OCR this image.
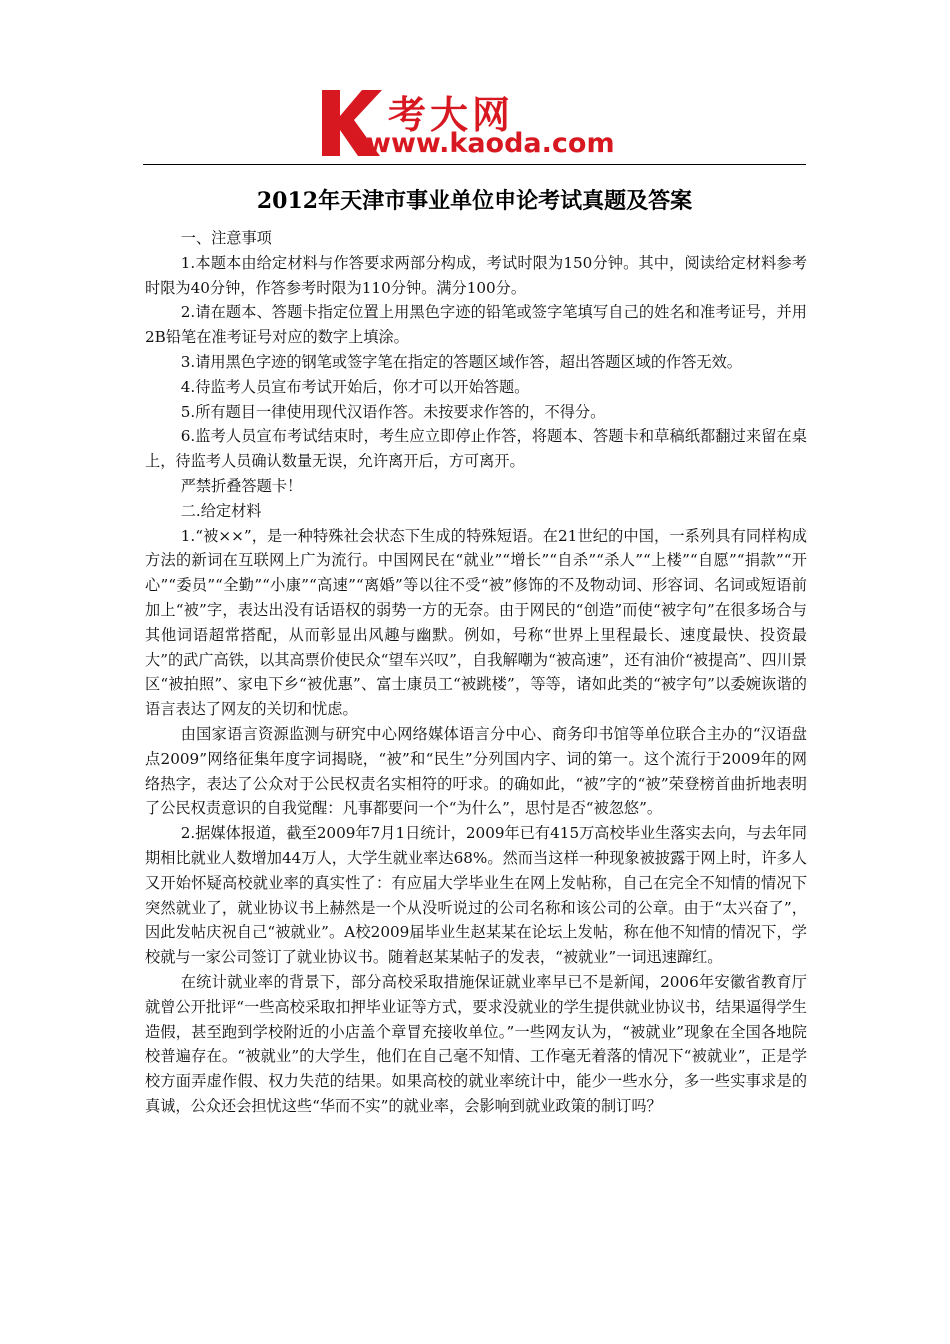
考大网
www.kaoda.com
2012年天津市事业单位申论考试真题及答案

一、注意事项

1.本题本由给定材料与作答要求两部分构成，考试时限为150分钟。其中，阅读给定材料参考时限为40分钟，作答参考时限为110分钟。满分100分。

2.请在题本、答题卡指定位置上用黑色字迹的铅笔或签字笔填写自己的姓名和准考证号，并用2B铅笔在准考证号对应的数字上填涂。

3.请用黑色字迹的钢笔或签字笔在指定的答题区域作答，超出答题区域的作答无效。

4.待监考人员宣布考试开始后，你才可以开始答题。

5.所有题目一律使用现代汉语作答。未按要求作答的，不得分。

6.监考人员宣布考试结束时，考生应立即停止作答，将题本、答题卡和草稿纸都翻过来留在桌上，待监考人员确认数量无误，允许离开后，方可离开。

严禁折叠答题卡！

二.给定材料

1.“被××”，是一种特殊社会状态下生成的特殊短语。在21世纪的中国，一系列具有同样构成方法的新词在互联网上广为流行。中国网民在“就业”“增长”“自杀”“杀人”“上楼”“自愿”“捐款”“开心”“委员”“全勤”“小康”“高速”“离婚”等以往不受“被”修饰的不及物动词、形容词、名词或短语前加上“被”字，表达出没有话语权的弱势一方的无奈。由于网民的“创造”而使“被字句”在很多场合与其他词语超常搭配，从而彰显出风趣与幽默。例如，号称“世界上里程最长、速度最快、投资最大”的武广高铁，以其高票价使民众“望车兴叹”，自我解嘲为“被高速”，还有油价“被提高”、四川景区“被拍照”、家电下乡“被优惠”、富士康员工“被跳楼”，等等，诸如此类的“被字句”以委婉诙谐的语言表达了网友的关切和忧虑。

由国家语言资源监测与研究中心网络媒体语言分中心、商务印书馆等单位联合主办的“汉语盘点2009”网络征集年度字词揭晓，“被”和“民生”分列国内字、词的第一。这个流行于2009年的网络热字，表达了公众对于公民权责名实相符的吁求。的确如此，“被”字的“被”荣登榜首曲折地表明了公民权责意识的自我觉醒：凡事都要问一个“为什么”，思忖是否“被忽悠”。

2.据媒体报道，截至2009年7月1日统计，2009年已有415万高校毕业生落实去向，与去年同期相比就业人数增加44万人，大学生就业率达68%。然而当这样一种现象被披露于网上时，许多人又开始怀疑高校就业率的真实性了：有应届大学毕业生在网上发帖称，自己在完全不知情的情况下突然就业了，就业协议书上赫然是一个从没听说过的公司名称和该公司的公章。由于“太兴奋了”，因此发帖庆祝自己“被就业”。A校2009届毕业生赵某某在论坛上发帖，称在他不知情的情况下，学校就与一家公司签订了就业协议书。随着赵某某帖子的发表，“被就业”一词迅速蹿红。

在统计就业率的背景下，部分高校采取措施保证就业率早已不是新闻，2006年安徽省教育厅就曾公开批评“一些高校采取扣押毕业证等方式，要求没就业的学生提供就业协议书，结果逼得学生造假，甚至跑到学校附近的小店盖个章冒充接收单位。”一些网友认为，“被就业”现象在全国各地院校普遍存在。“被就业”的大学生，他们在自己毫不知情、工作毫无着落的情况下“被就业”，正是学校方面弄虚作假、权力失范的结果。如果高校的就业率统计中，能少一些水分，多一些实事求是的真诚，公众还会担忧这些“华而不实”的就业率，会影响到就业政策的制订吗？
